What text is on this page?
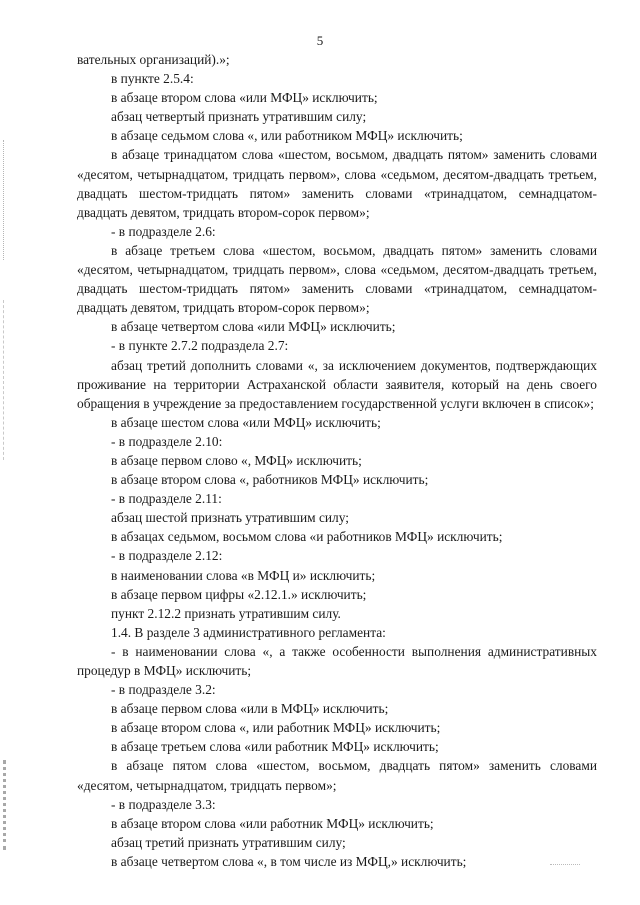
5

вательных организаций).»;

в пункте 2.5.4:

в абзаце втором слова «или МФЦ» исключить;

абзац четвертый признать утратившим силу;

в абзаце седьмом слова «, или работником МФЦ» исключить;

в абзаце тринадцатом слова «шестом, восьмом, двадцать пятом» заменить словами «десятом, четырнадцатом, тридцать первом», слова «седьмом, десятом-двадцать третьем, двадцать шестом-тридцать пятом» заменить словами «тринадцатом, семнадцатом-двадцать девятом, тридцать втором-сорок первом»;

- в подразделе 2.6:

в абзаце третьем слова «шестом, восьмом, двадцать пятом» заменить словами «десятом, четырнадцатом, тридцать первом», слова «седьмом, десятом-двадцать третьем, двадцать шестом-тридцать пятом» заменить словами «тринадцатом, семнадцатом-двадцать девятом, тридцать втором-сорок первом»;

в абзаце четвертом слова «или МФЦ» исключить;

- в пункте 2.7.2 подраздела 2.7:

абзац третий дополнить словами «, за исключением документов, подтверждающих проживание на территории Астраханской области заявителя, который на день своего обращения в учреждение за предоставлением государственной услуги включен в список»;

в абзаце шестом слова «или МФЦ» исключить;

- в подразделе 2.10:

в абзаце первом слово «, МФЦ» исключить;

в абзаце втором слова «, работников МФЦ» исключить;

- в подразделе 2.11:

абзац шестой признать утратившим силу;

в абзацах седьмом, восьмом слова «и работников МФЦ» исключить;

- в подразделе 2.12:

в наименовании слова «в МФЦ и» исключить;

в абзаце первом цифры «2.12.1.» исключить;

пункт 2.12.2 признать утратившим силу.

1.4. В разделе 3 административного регламента:

- в наименовании слова «, а также особенности выполнения административных процедур в МФЦ» исключить;

- в подразделе 3.2:

в абзаце первом слова «или в МФЦ» исключить;

в абзаце втором слова «, или работник МФЦ» исключить;

в абзаце третьем слова «или работник МФЦ» исключить;

в абзаце пятом слова «шестом, восьмом, двадцать пятом» заменить словами «десятом, четырнадцатом, тридцать первом»;

- в подразделе 3.3:

в абзаце втором слова «или работник МФЦ» исключить;

абзац третий признать утратившим силу;

в абзаце четвертом слова «, в том числе из МФЦ,» исключить;
